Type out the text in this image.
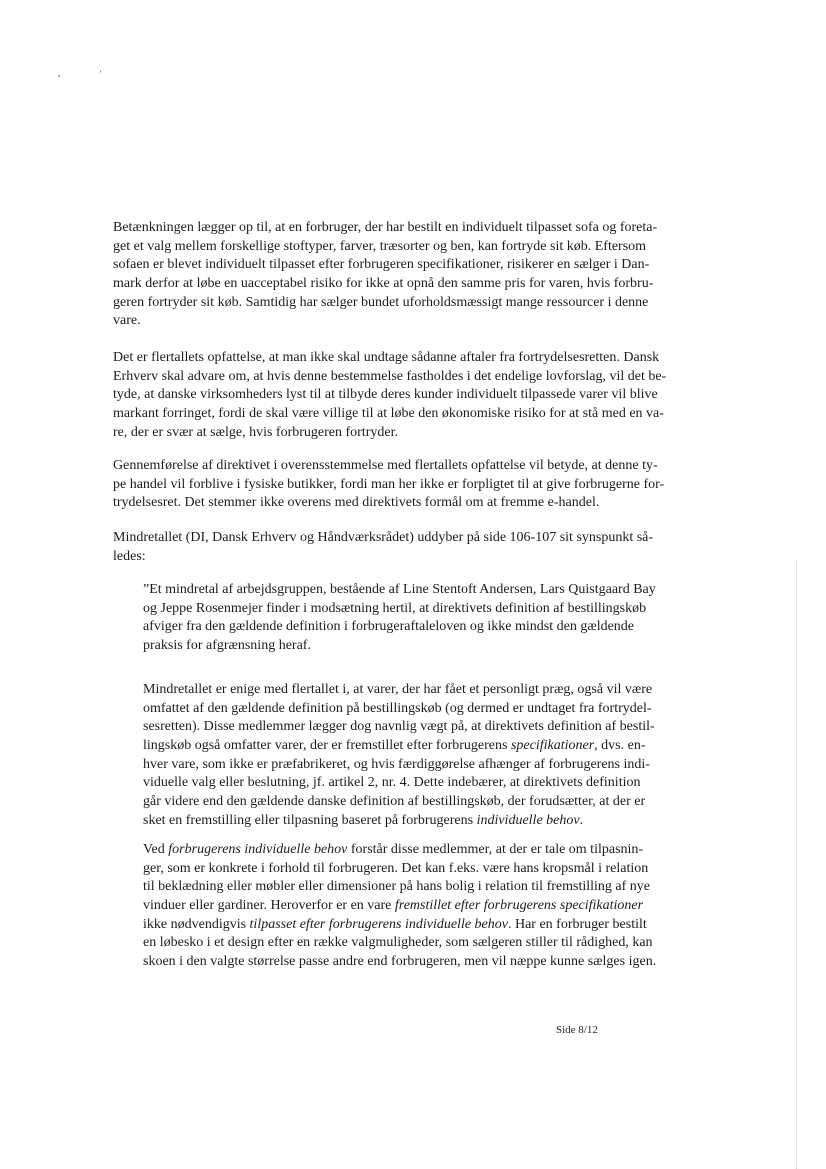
Betænkningen lægger op til, at en forbruger, der har bestilt en individuelt tilpasset sofa og foreta-
get et valg mellem forskellige stoftyper, farver, træsorter og ben, kan fortryde sit køb. Eftersom
sofaen er blevet individuelt tilpasset efter forbrugeren specifikationer, risikerer en sælger i Dan-
mark derfor at løbe en uacceptabel risiko for ikke at opnå den samme pris for varen, hvis forbru-
geren fortryder sit køb. Samtidig har sælger bundet uforholdsmæssigt mange ressourcer i denne
vare.
Det er flertallets opfattelse, at man ikke skal undtage sådanne aftaler fra fortrydelsesretten. Dansk
Erhverv skal advare om, at hvis denne bestemmelse fastholdes i det endelige lovforslag, vil det be-
tyde, at danske virksomheders lyst til at tilbyde deres kunder individuelt tilpassede varer vil blive
markant forringet, fordi de skal være villige til at løbe den økonomiske risiko for at stå med en va-
re, der er svær at sælge, hvis forbrugeren fortryder.
Gennemførelse af direktivet i overensstemmelse med flertallets opfattelse vil betyde, at denne ty-
pe handel vil forblive i fysiske butikker, fordi man her ikke er forpligtet til at give forbrugerne for-
trydelsesret. Det stemmer ikke overens med direktivets formål om at fremme e-handel.
Mindretallet (DI, Dansk Erhverv og Håndværksrådet) uddyber på side 106-107 sit synspunkt så-
ledes:
”Et mindretal af arbejdsgruppen, bestående af Line Stentoft Andersen, Lars Quistgaard Bay
og Jeppe Rosenmejer finder i modsætning hertil, at direktivets definition af bestillingskøb
afviger fra den gældende definition i forbrugeraftaleloven og ikke mindst den gældende
praksis for afgrænsning heraf.
Mindretallet er enige med flertallet i, at varer, der har fået et personligt præg, også vil være
omfattet af den gældende definition på bestillingskøb (og dermed er undtaget fra fortrydel-
sesretten). Disse medlemmer lægger dog navnlig vægt på, at direktivets definition af bestil-
lingskøb også omfatter varer, der er fremstillet efter forbrugerens specifikationer, dvs. en-
hver vare, som ikke er præfabrikeret, og hvis færdiggørelse afhænger af forbrugerens indi-
viduelle valg eller beslutning, jf. artikel 2, nr. 4. Dette indebærer, at direktivets definition
går videre end den gældende danske definition af bestillingskøb, der forudsætter, at der er
sket en fremstilling eller tilpasning baseret på forbrugerens individuelle behov.
Ved forbrugerens individuelle behov forstår disse medlemmer, at der er tale om tilpasnin-
ger, som er konkrete i forhold til forbrugeren. Det kan f.eks. være hans kropsmål i relation
til beklædning eller møbler eller dimensioner på hans bolig i relation til fremstilling af nye
vinduer eller gardiner. Heroverfor er en vare fremstillet efter forbrugerens specifikationer
ikke nødvendigvis tilpasset efter forbrugerens individuelle behov. Har en forbruger bestilt
en løbesko i et design efter en række valgmuligheder, som sælgeren stiller til rådighed, kan
skoen i den valgte størrelse passe andre end forbrugeren, men vil næppe kunne sælges igen.
Side 8/12
